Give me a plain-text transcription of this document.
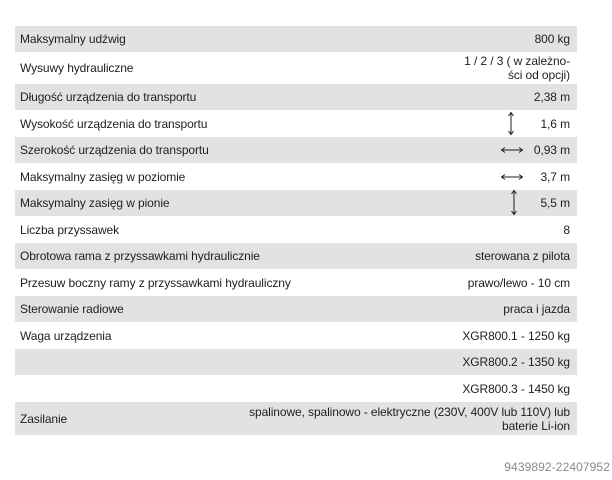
Maksymalny udźwig	800 kg
Wysuwy hydrauliczne	1 / 2 / 3 ( w zależno-
ści od opcji)
Długość urządzenia do transportu	2,38 m
Wysokość urządzenia do transportu	1,6 m
Szerokość urządzenia do transportu	0,93 m
Maksymalny zasięg w poziomie	3,7 m
Maksymalny zasięg w pionie	5,5 m
Liczba przyssawek	8
Obrotowa rama z przyssawkami hydraulicznie	sterowana z pilota
Przesuw boczny ramy z przyssawkami hydrauliczny	prawo/lewo - 10 cm
Sterowanie radiowe	praca i jazda
Waga urządzenia	XGR800.1 - 1250 kg
XGR800.2 - 1350 kg
XGR800.3 - 1450 kg
Zasilanie	spalinowe, spalinowo - elektryczne (230V, 400V lub 110V) lub
baterie Li-ion
9439892-22407952
